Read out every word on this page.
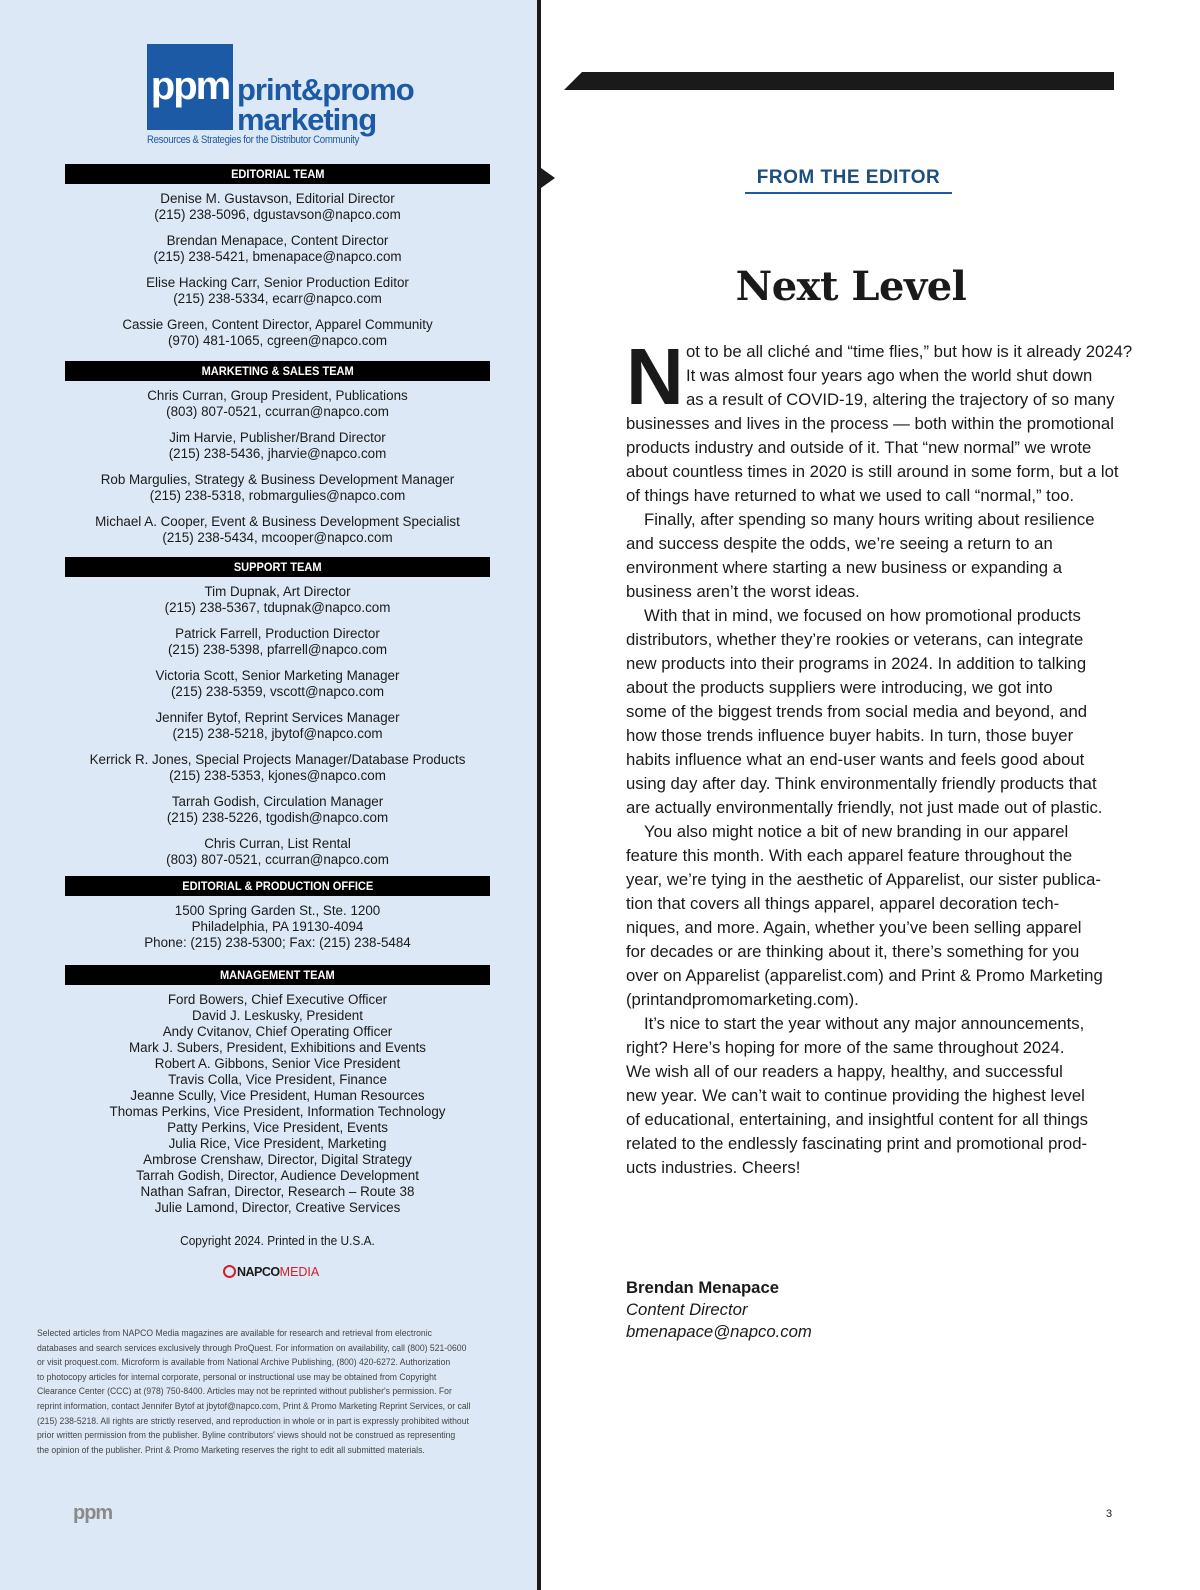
ppm print&promo
marketing
Resources & Strategies for the Distributor Community
EDITORIAL TEAM
Denise M. Gustavson, Editorial Director
(215) 238-5096, dgustavson@napco.com
Brendan Menapace, Content Director
(215) 238-5421, bmenapace@napco.com
Elise Hacking Carr, Senior Production Editor
(215) 238-5334, ecarr@napco.com
Cassie Green, Content Director, Apparel Community
(970) 481-1065, cgreen@napco.com
MARKETING & SALES TEAM
Chris Curran, Group President, Publications
(803) 807-0521, ccurran@napco.com
Jim Harvie, Publisher/Brand Director
(215) 238-5436, jharvie@napco.com
Rob Margulies, Strategy & Business Development Manager
(215) 238-5318, robmargulies@napco.com
Michael A. Cooper, Event & Business Development Specialist
(215) 238-5434, mcooper@napco.com
SUPPORT TEAM
Tim Dupnak, Art Director
(215) 238-5367, tdupnak@napco.com
Patrick Farrell, Production Director
(215) 238-5398, pfarrell@napco.com
Victoria Scott, Senior Marketing Manager
(215) 238-5359, vscott@napco.com
Jennifer Bytof, Reprint Services Manager
(215) 238-5218, jbytof@napco.com
Kerrick R. Jones, Special Projects Manager/Database Products
(215) 238-5353, kjones@napco.com
Tarrah Godish, Circulation Manager
(215) 238-5226, tgodish@napco.com
Chris Curran, List Rental
(803) 807-0521, ccurran@napco.com
EDITORIAL & PRODUCTION OFFICE
1500 Spring Garden St., Ste. 1200
Philadelphia, PA 19130-4094
Phone: (215) 238-5300; Fax: (215) 238-5484
MANAGEMENT TEAM
Ford Bowers, Chief Executive Officer
David J. Leskusky, President
Andy Cvitanov, Chief Operating Officer
Mark J. Subers, President, Exhibitions and Events
Robert A. Gibbons, Senior Vice President
Travis Colla, Vice President, Finance
Jeanne Scully, Vice President, Human Resources
Thomas Perkins, Vice President, Information Technology
Patty Perkins, Vice President, Events
Julia Rice, Vice President, Marketing
Ambrose Crenshaw, Director, Digital Strategy
Tarrah Godish, Director, Audience Development
Nathan Safran, Director, Research – Route 38
Julie Lamond, Director, Creative Services
Copyright 2024. Printed in the U.S.A.
NAPCOMEDIA
Selected articles from NAPCO Media magazines are available for research and retrieval from electronic
databases and search services exclusively through ProQuest. For information on availability, call (800) 521-0600
or visit proquest.com. Microform is available from National Archive Publishing, (800) 420-6272. Authorization
to photocopy articles for internal corporate, personal or instructional use may be obtained from Copyright
Clearance Center (CCC) at (978) 750-8400. Articles may not be reprinted without publisher's permission. For
reprint information, contact Jennifer Bytof at jbytof@napco.com, Print & Promo Marketing Reprint Services, or call
(215) 238-5218. All rights are strictly reserved, and reproduction in whole or in part is expressly prohibited without
prior written permission from the publisher. Byline contributors' views should not be construed as representing
the opinion of the publisher. Print & Promo Marketing reserves the right to edit all submitted materials.
ppm
FROM THE EDITOR
Next Level
N ot to be all cliché and “time flies,” but how is it already 2024?
It was almost four years ago when the world shut down
as a result of COVID-19, altering the trajectory of so many
businesses and lives in the process — both within the promotional
products industry and outside of it. That “new normal” we wrote
about countless times in 2020 is still around in some form, but a lot
of things have returned to what we used to call “normal,” too.
Finally, after spending so many hours writing about resilience
and success despite the odds, we’re seeing a return to an
environment where starting a new business or expanding a
business aren’t the worst ideas.
With that in mind, we focused on how promotional products
distributors, whether they’re rookies or veterans, can integrate
new products into their programs in 2024. In addition to talking
about the products suppliers were introducing, we got into
some of the biggest trends from social media and beyond, and
how those trends influence buyer habits. In turn, those buyer
habits influence what an end-user wants and feels good about
using day after day. Think environmentally friendly products that
are actually environmentally friendly, not just made out of plastic.
You also might notice a bit of new branding in our apparel
feature this month. With each apparel feature throughout the
year, we’re tying in the aesthetic of Apparelist, our sister publica-
tion that covers all things apparel, apparel decoration tech-
niques, and more. Again, whether you’ve been selling apparel
for decades or are thinking about it, there’s something for you
over on Apparelist (apparelist.com) and Print & Promo Marketing
(printandpromomarketing.com).
It’s nice to start the year without any major announcements,
right? Here’s hoping for more of the same throughout 2024.
We wish all of our readers a happy, healthy, and successful
new year. We can’t wait to continue providing the highest level
of educational, entertaining, and insightful content for all things
related to the endlessly fascinating print and promotional prod-
ucts industries. Cheers!
Brendan Menapace
Content Director
bmenapace@napco.com
3
